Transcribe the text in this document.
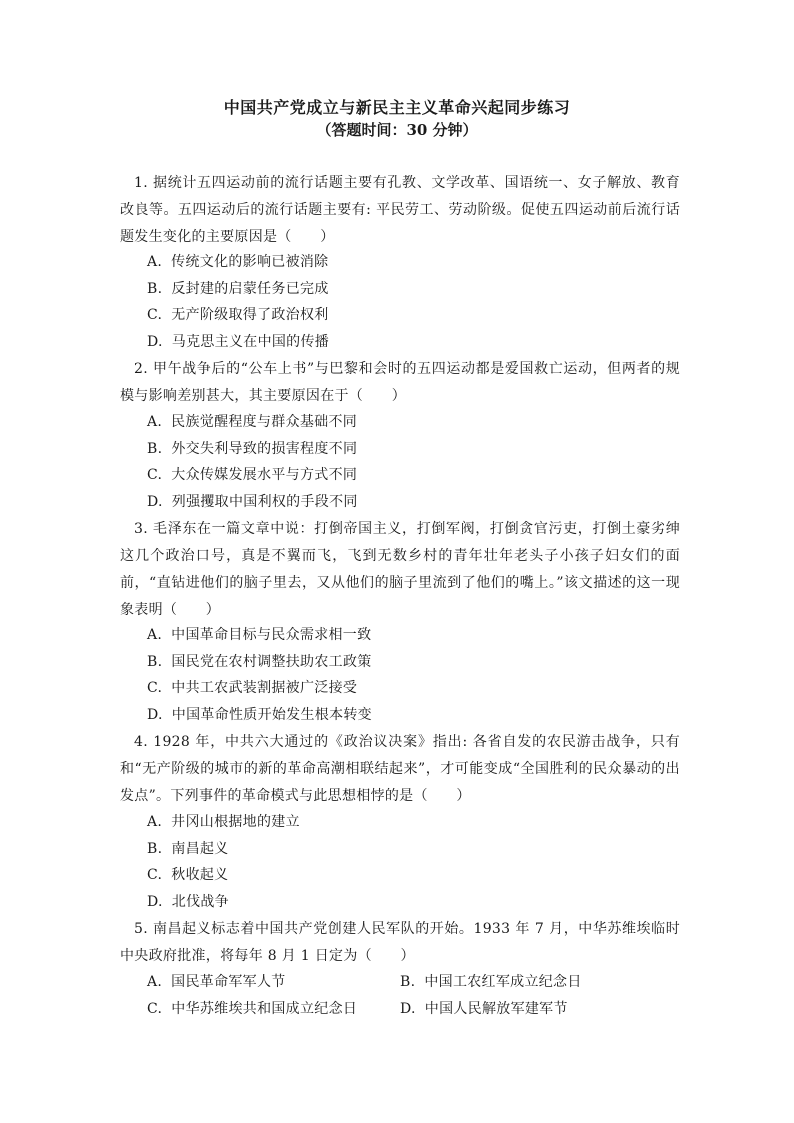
中国共产党成立与新民主主义革命兴起同步练习
（答题时间：30 分钟）
1. 据统计五四运动前的流行话题主要有孔教、文学改革、国语统一、女子解放、教育改良等。五四运动后的流行话题主要有: 平民劳工、劳动阶级。促使五四运动前后流行话题发生变化的主要原因是（　　）
A. 传统文化的影响已被消除
B. 反封建的启蒙任务已完成
C. 无产阶级取得了政治权利
D. 马克思主义在中国的传播
2. 甲午战争后的“公车上书”与巴黎和会时的五四运动都是爱国救亡运动，但两者的规模与影响差别甚大，其主要原因在于（　　）
A. 民族觉醒程度与群众基础不同
B. 外交失利导致的损害程度不同
C. 大众传媒发展水平与方式不同
D. 列强攫取中国利权的手段不同
3. 毛泽东在一篇文章中说：打倒帝国主义，打倒军阀，打倒贪官污吏，打倒土豪劣绅这几个政治口号，真是不翼而飞，飞到无数乡村的青年壮年老头子小孩子妇女们的面前，“直钻进他们的脑子里去，又从他们的脑子里流到了他们的嘴上。”该文描述的这一现象表明（　　）
A. 中国革命目标与民众需求相一致
B. 国民党在农村调整扶助农工政策
C. 中共工农武装割据被广泛接受
D. 中国革命性质开始发生根本转变
4. 1928 年，中共六大通过的《政治议决案》指出: 各省自发的农民游击战争，只有和“无产阶级的城市的新的革命高潮相联结起来”，才可能变成“全国胜利的民众暴动的出发点”。下列事件的革命模式与此思想相悖的是（　　）
A. 井冈山根据地的建立
B. 南昌起义
C. 秋收起义
D. 北伐战争
5. 南昌起义标志着中国共产党创建人民军队的开始。1933 年 7 月，中华苏维埃临时中央政府批准，将每年 8 月 1 日定为（　　）
A. 国民革命军军人节	B. 中国工农红军成立纪念日
C. 中华苏维埃共和国成立纪念日	D. 中国人民解放军建军节
